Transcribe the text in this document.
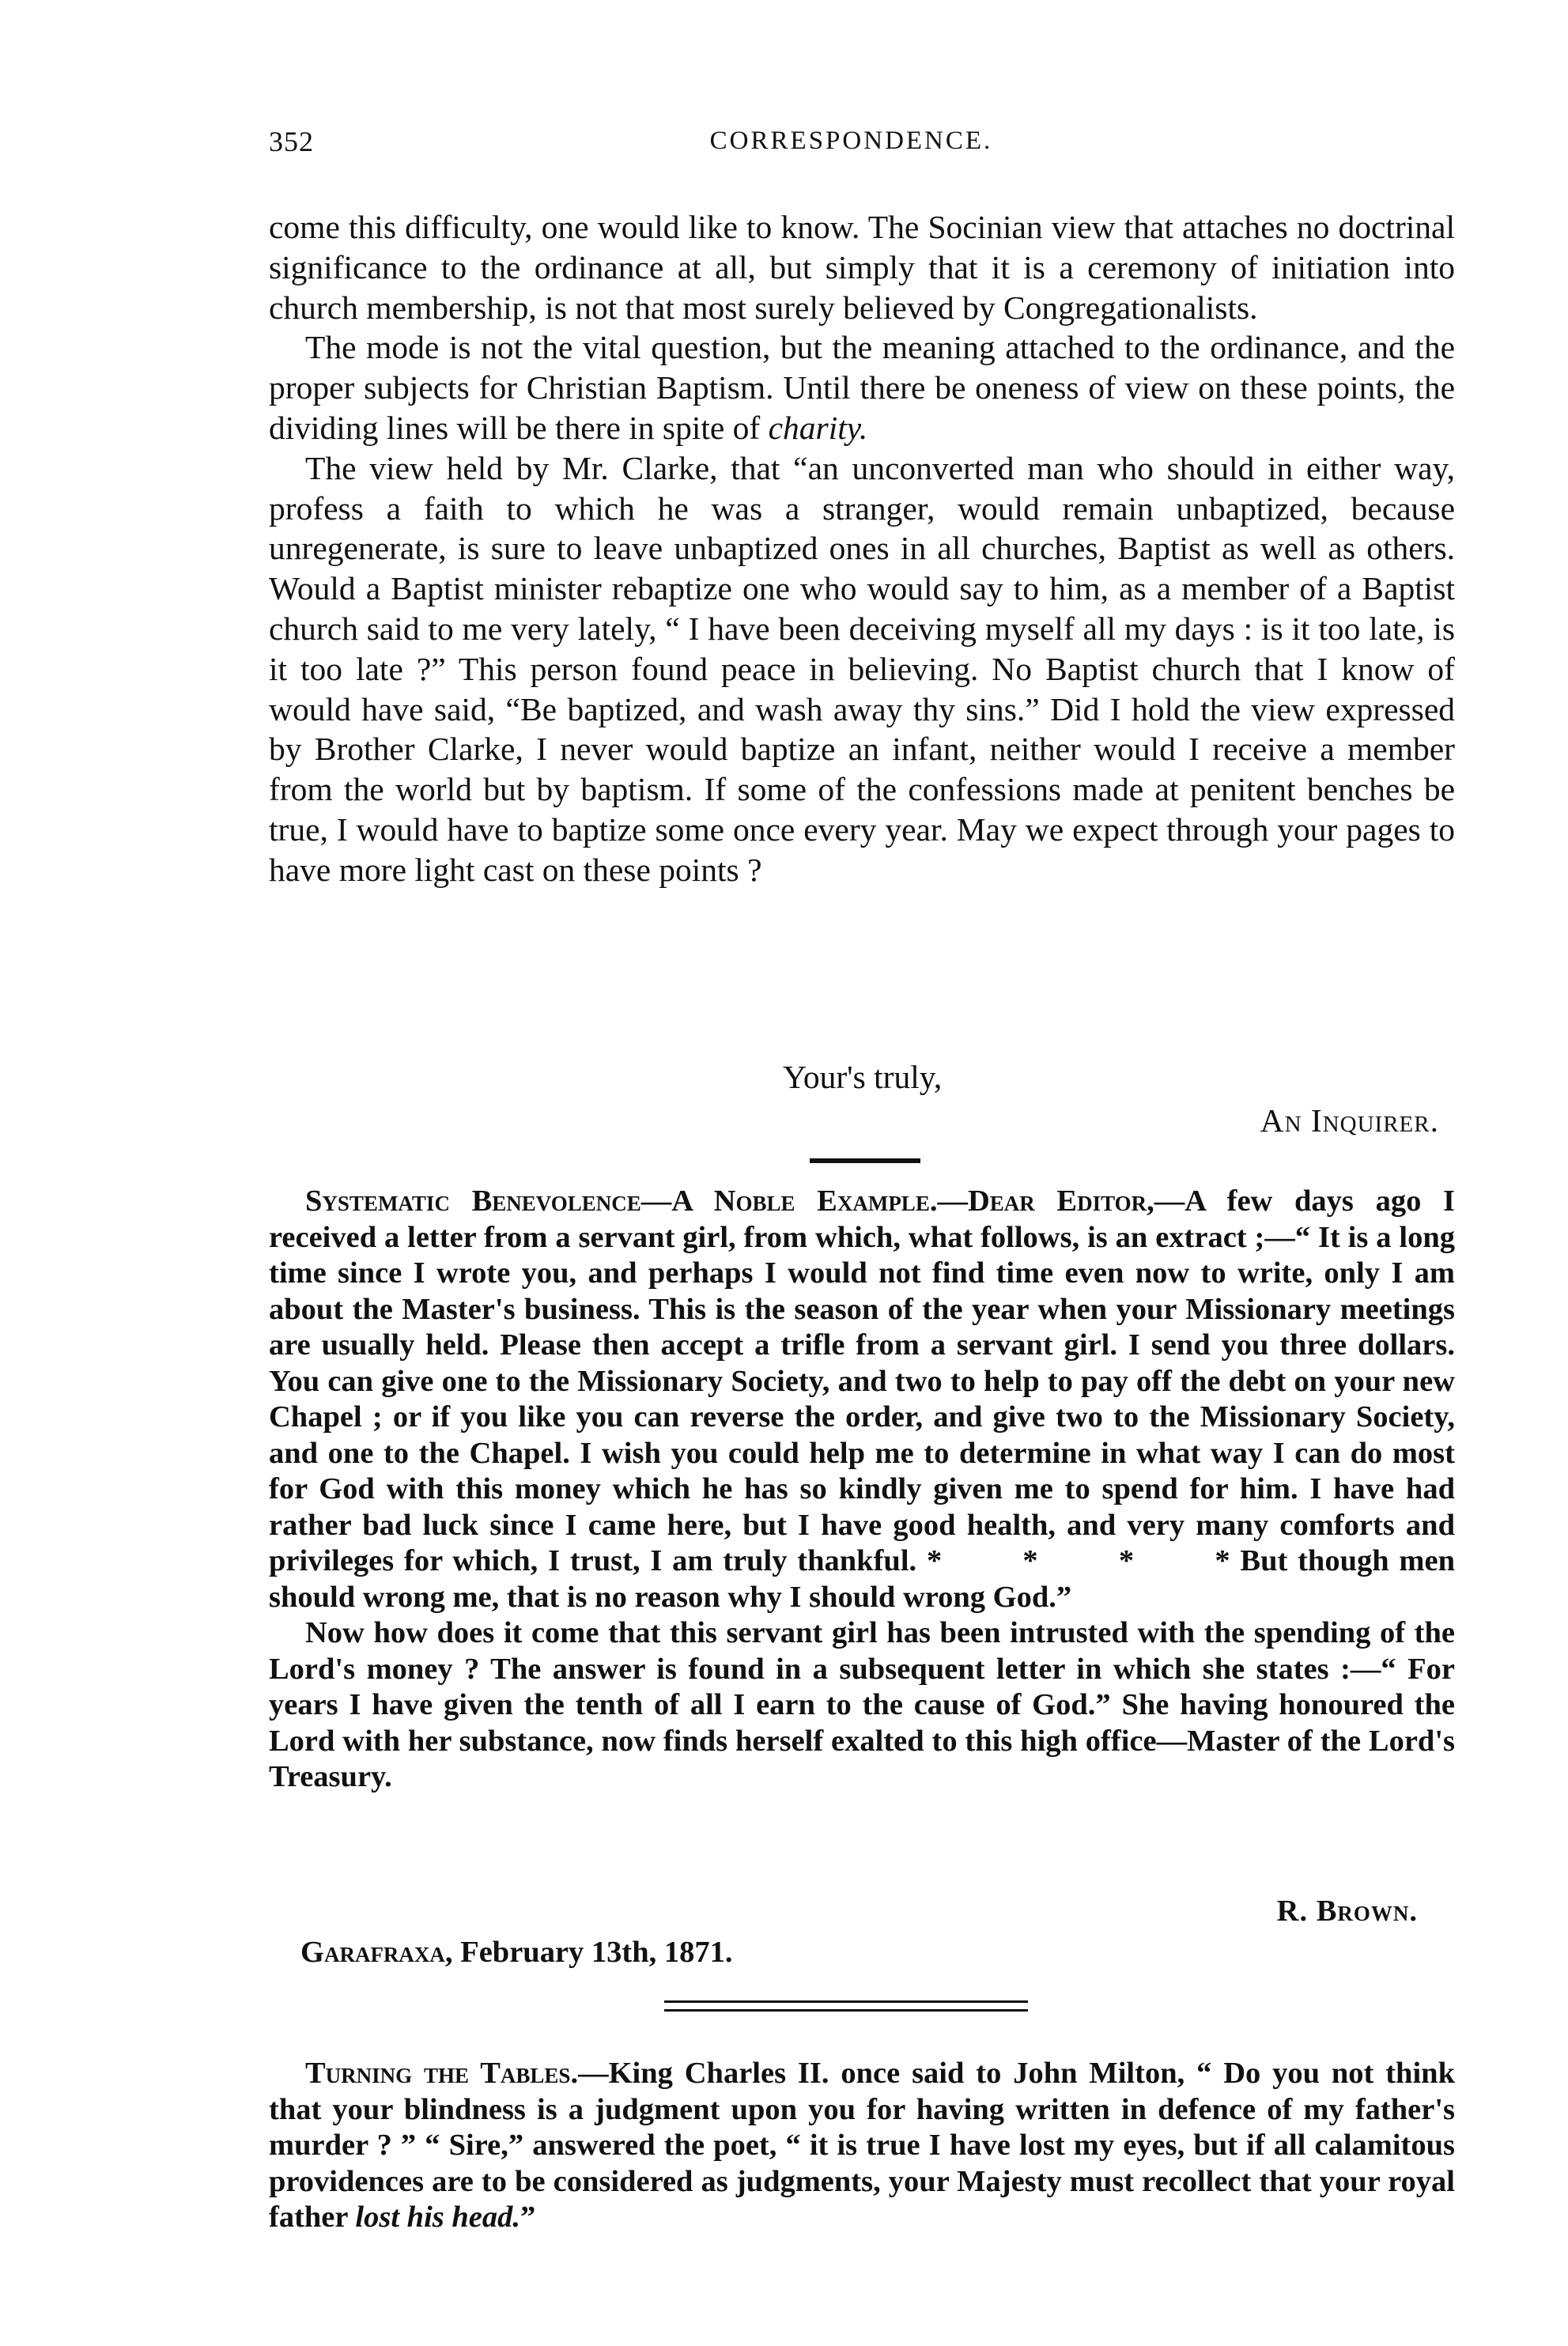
352	CORRESPONDENCE.

come this difficulty, one would like to know. The Socinian view that attaches no doctrinal significance to the ordinance at all, but simply that it is a ceremony of initiation into church membership, is not that most surely believed by Congregationalists.

The mode is not the vital question, but the meaning attached to the ordinance, and the proper subjects for Christian Baptism. Until there be oneness of view on these points, the dividing lines will be there in spite of charity.

The view held by Mr. Clarke, that “an unconverted man who should in either way, profess a faith to which he was a stranger, would remain unbaptized, because unregenerate, is sure to leave unbaptized ones in all churches, Baptist as well as others. Would a Baptist minister rebaptize one who would say to him, as a member of a Baptist church said to me very lately, “ I have been deceiving myself all my days : is it too late, is it too late ?” This person found peace in believing. No Baptist church that I know of would have said, “Be baptized, and wash away thy sins.” Did I hold the view expressed by Brother Clarke, I never would baptize an infant, neither would I receive a member from the world but by baptism. If some of the confessions made at penitent benches be true, I would have to baptize some once every year. May we expect through your pages to have more light cast on these points ?

Your's truly,
An Inquirer.

Systematic Benevolence—A Noble Example.—Dear Editor,—A few days ago I received a letter from a servant girl, from which, what follows, is an extract ;—“ It is a long time since I wrote you, and perhaps I would not find time even now to write, only I am about the Master's business. This is the season of the year when your Missionary meetings are usually held. Please then accept a trifle from a servant girl. I send you three dollars. You can give one to the Missionary Society, and two to help to pay off the debt on your new Chapel ; or if you like you can reverse the order, and give two to the Missionary Society, and one to the Chapel. I wish you could help me to determine in what way I can do most for God with this money which he has so kindly given me to spend for him. I have had rather bad luck since I came here, but I have good health, and very many comforts and privileges for which, I trust, I am truly thankful. *        *        *        * But though men should wrong me, that is no reason why I should wrong God.”

Now how does it come that this servant girl has been intrusted with the spending of the Lord's money ? The answer is found in a subsequent letter in which she states :—“ For years I have given the tenth of all I earn to the cause of God.” She having honoured the Lord with her substance, now finds herself exalted to this high office—Master of the Lord's Treasury.

R. Brown.
Garafraxa, February 13th, 1871.

Turning the Tables.—King Charles II. once said to John Milton, “ Do you not think that your blindness is a judgment upon you for having written in defence of my father's murder ? ” “ Sire,” answered the poet, “ it is true I have lost my eyes, but if all calamitous providences are to be considered as judgments, your Majesty must recollect that your royal father lost his head.”
